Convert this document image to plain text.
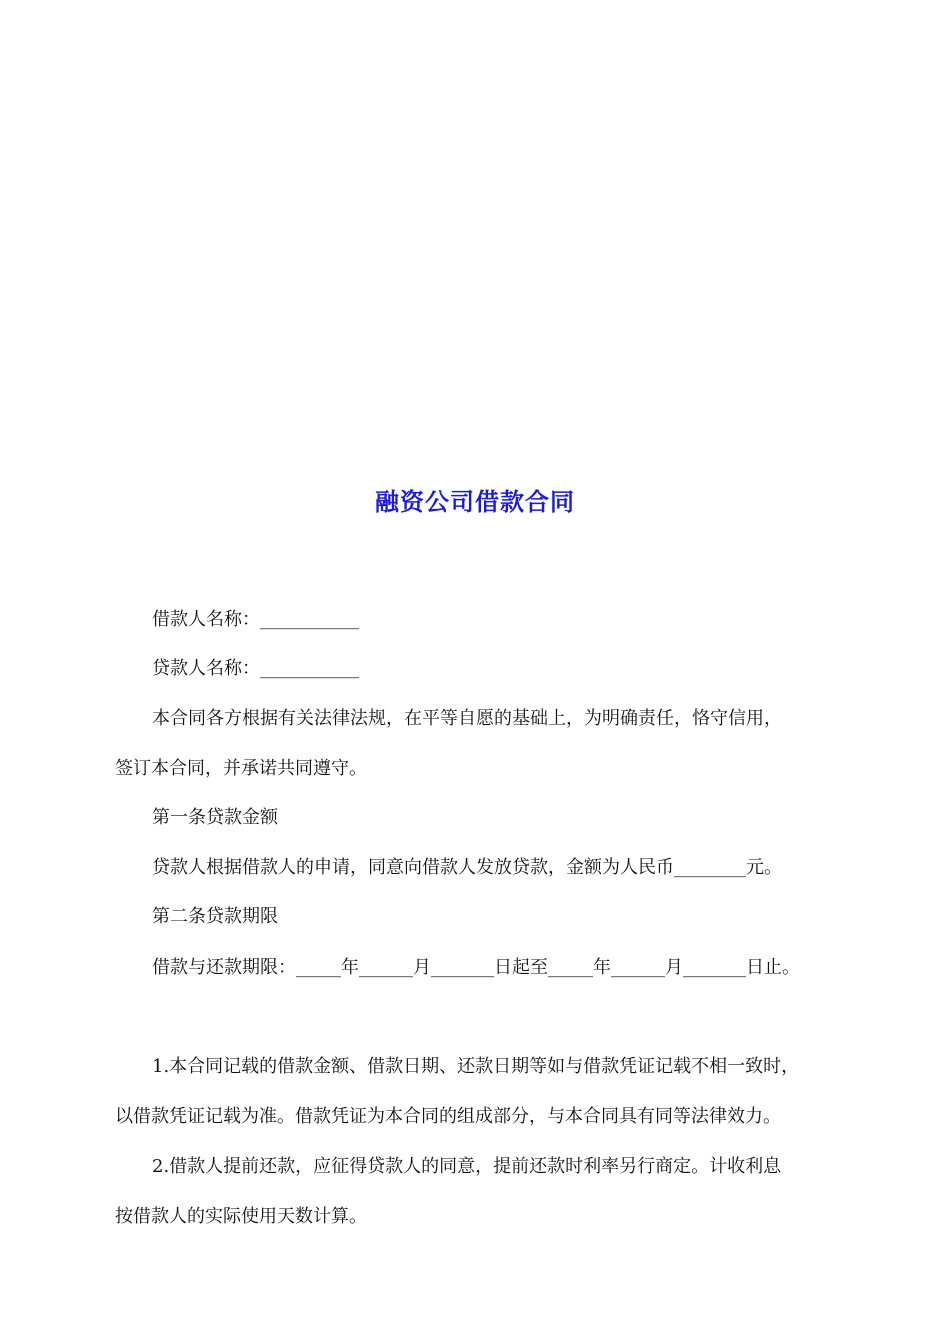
融资公司借款合同
借款人名称：___________
贷款人名称：___________
本合同各方根据有关法律法规，在平等自愿的基础上，为明确责任，恪守信用，
签订本合同，并承诺共同遵守。
第一条贷款金额
贷款人根据借款人的申请，同意向借款人发放贷款，金额为人民币________元。
第二条贷款期限
借款与还款期限：_____年______月_______日起至_____年______月_______日止。
1.本合同记载的借款金额、借款日期、还款日期等如与借款凭证记载不相一致时，
以借款凭证记载为准。借款凭证为本合同的组成部分，与本合同具有同等法律效力。
2.借款人提前还款，应征得贷款人的同意，提前还款时利率另行商定。计收利息
按借款人的实际使用天数计算。
